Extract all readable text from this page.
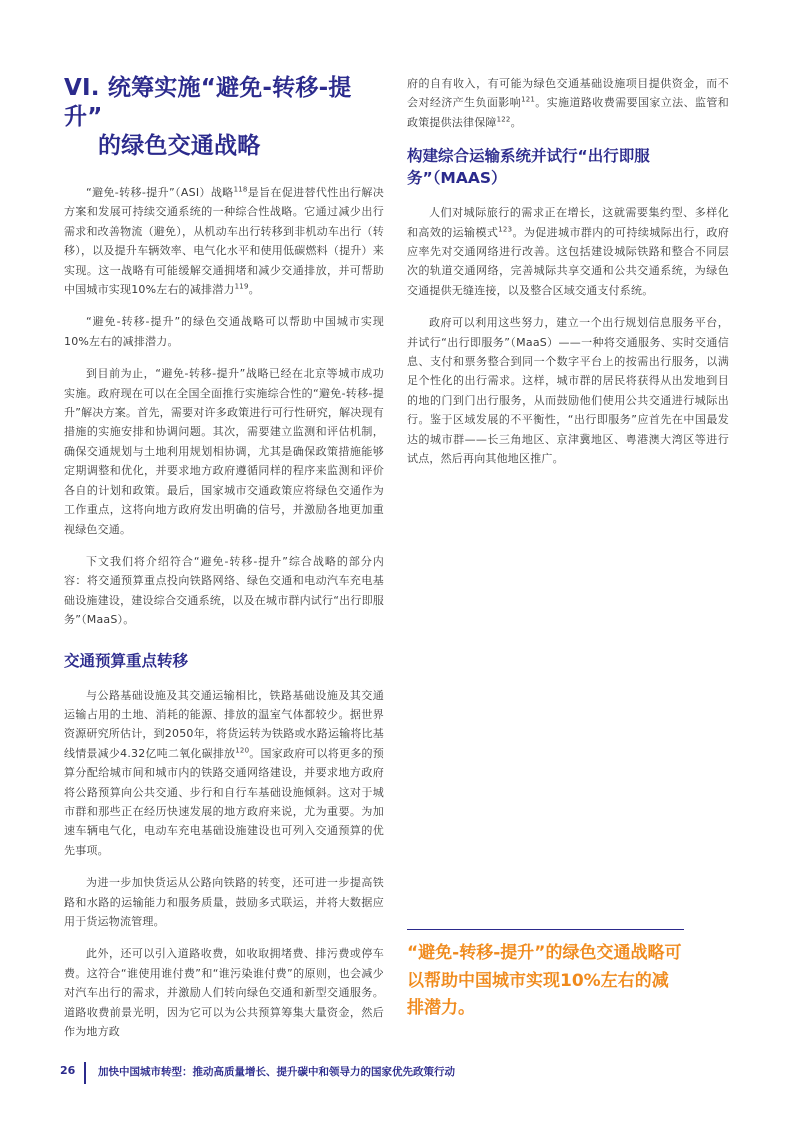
VI. 统筹实施“避免-转移-提升”
的绿色交通战略

“避免-转移-提升”（ASI）战略$^{118}$是旨在促进替代性出行解决方案和发展可持续交通系统的一种综合性战略。它通过减少出行需求和改善物流（避免），从机动车出行转移到非机动车出行（转移），以及提升车辆效率、电气化水平和使用低碳燃料（提升）来实现。这一战略有可能缓解交通拥堵和减少交通排放，并可帮助中国城市实现10%左右的减排潜力$^{119}$。

“避免-转移-提升”的绿色交通战略可以帮助中国城市实现10%左右的减排潜力。

到目前为止，“避免-转移-提升”战略已经在北京等城市成功实施。政府现在可以在全国全面推行实施综合性的“避免-转移-提升”解决方案。首先，需要对许多政策进行可行性研究，解决现有措施的实施安排和协调问题。其次，需要建立监测和评估机制，确保交通规划与土地利用规划相协调，尤其是确保政策措施能够定期调整和优化，并要求地方政府遵循同样的程序来监测和评价各自的计划和政策。最后，国家城市交通政策应将绿色交通作为工作重点，这将向地方政府发出明确的信号，并激励各地更加重视绿色交通。

下文我们将介绍符合“避免-转移-提升”综合战略的部分内容：将交通预算重点投向铁路网络、绿色交通和电动汽车充电基础设施建设，建设综合交通系统，以及在城市群内试行“出行即服务”（MaaS）。

交通预算重点转移

与公路基础设施及其交通运输相比，铁路基础设施及其交通运输占用的土地、消耗的能源、排放的温室气体都较少。据世界资源研究所估计，到2050年，将货运转为铁路或水路运输将比基线情景减少4.32亿吨二氧化碳排放$^{120}$。国家政府可以将更多的预算分配给城市间和城市内的铁路交通网络建设，并要求地方政府将公路预算向公共交通、步行和自行车基础设施倾斜。这对于城市群和那些正在经历快速发展的地方政府来说，尤为重要。为加速车辆电气化，电动车充电基础设施建设也可列入交通预算的优先事项。

为进一步加快货运从公路向铁路的转变，还可进一步提高铁路和水路的运输能力和服务质量，鼓励多式联运，并将大数据应用于货运物流管理。

此外，还可以引入道路收费，如收取拥堵费、排污费或停车费。这符合“谁使用谁付费”和“谁污染谁付费”的原则，也会减少对汽车出行的需求，并激励人们转向绿色交通和新型交通服务。道路收费前景光明，因为它可以为公共预算筹集大量资金，然后作为地方政

府的自有收入，有可能为绿色交通基础设施项目提供资金，而不会对经济产生负面影响$^{121}$。实施道路收费需要国家立法、监管和政策提供法律保障$^{122}$。

构建综合运输系统并试行“出行即服务”（MAAS）

人们对城际旅行的需求正在增长，这就需要集约型、多样化和高效的运输模式$^{123}$。为促进城市群内的可持续城际出行，政府应率先对交通网络进行改善。这包括建设城际铁路和整合不同层次的轨道交通网络，完善城际共享交通和公共交通系统，为绿色交通提供无缝连接，以及整合区域交通支付系统。

政府可以利用这些努力，建立一个出行规划信息服务平台，并试行“出行即服务”（MaaS）——一种将交通服务、实时交通信息、支付和票务整合到同一个数字平台上的按需出行服务，以满足个性化的出行需求。这样，城市群的居民将获得从出发地到目的地的门到门出行服务，从而鼓励他们使用公共交通进行城际出行。鉴于区域发展的不平衡性，“出行即服务”应首先在中国最发达的城市群——长三角地区、京津冀地区、粤港澳大湾区等进行试点，然后再向其他地区推广。

“避免-转移-提升”的绿色交通战略可以帮助中国城市实现10%左右的减排潜力。
26 加快中国城市转型：推动高质量增长、提升碳中和领导力的国家优先政策行动
